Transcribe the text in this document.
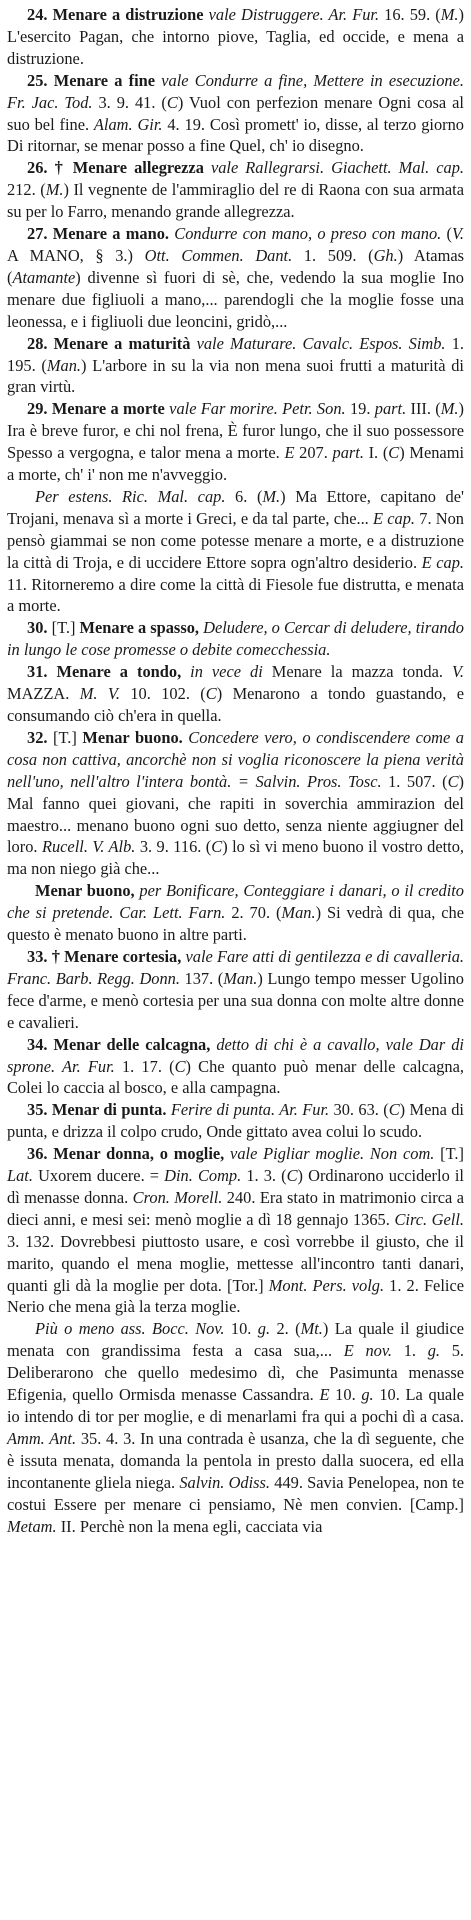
24. Menare a distruzione vale Distruggere. Ar. Fur. 16. 59. (M.) L'esercito Pagan, che intorno piove, Taglia, ed occide, e mena a distruzione.

25. Menare a fine vale Condurre a fine, Mettere in esecuzione. Fr. Jac. Tod. 3. 9. 41. (C) Vuol con perfezion menare Ogni cosa al suo bel fine. Alam. Gir. 4. 19. Così promett' io, disse, al terzo giorno Di ritornar, se menar posso a fine Quel, ch' io disegno.

26. † Menare allegrezza vale Rallegrarsi. Giachett. Mal. cap. 212. (M.) Il vegnente de l'ammiraglio del re di Raona con sua armata su per lo Farro, menando grande allegrezza.

27. Menare a mano. Condurre con mano, o preso con mano. (V. A MANO, § 3.) Ott. Commen. Dant. 1. 509. (Gh.) Atamas (Atamante) divenne sì fuori di sè, che, vedendo la sua moglie Ino menare due figliuoli a mano,... parendogli che la moglie fosse una leonessa, e i figliuoli due leoncini, gridò,...

28. Menare a maturità vale Maturare. Cavalc. Espos. Simb. 1. 195. (Man.) L'arbore in su la via non mena suoi frutti a maturità di gran virtù.

29. Menare a morte vale Far morire. Petr. Son. 19. part. III. (M.) Ira è breve furor, e chi nol frena, È furor lungo, che il suo possessore Spesso a vergogna, e talor mena a morte. E 207. part. I. (C) Menami a morte, ch' i' non me n'avveggio.

Per estens. Ric. Mal. cap. 6. (M.) Ma Ettore, capitano de' Trojani, menava sì a morte i Greci, e da tal parte, che... E cap. 7. Non pensò giammai se non come potesse menare a morte, e a distruzione la città di Troja, e di uccidere Ettore sopra ogn'altro desiderio. E cap. 11. Ritorneremo a dire come la città di Fiesole fue distrutta, e menata a morte.

30. [T.] Menare a spasso, Deludere, o Cercar di deludere, tirando in lungo le cose promesse o debite comecchessia.

31. Menare a tondo, in vece di Menare la mazza tonda. V. MAZZA. M. V. 10. 102. (C) Menarono a tondo guastando, e consumando ciò ch'era in quella.

32. [T.] Menar buono. Concedere vero, o condiscendere come a cosa non cattiva, ancorchè non si voglia riconoscere la piena verità nell'uno, nell'altro l'intera bontà. = Salvin. Pros. Tosc. 1. 507. (C) Mal fanno quei giovani, che rapiti in soverchia ammirazion del maestro... menano buono ogni suo detto, senza niente aggiugner del loro. Rucell. V. Alb. 3. 9. 116. (C) lo sì vi meno buono il vostro detto, ma non niego già che...

Menar buono, per Bonificare, Conteggiare i danari, o il credito che si pretende. Car. Lett. Farn. 2. 70. (Man.) Si vedrà di qua, che questo è menato buono in altre parti.

33. † Menare cortesia, vale Fare atti di gentilezza e di cavalleria. Franc. Barb. Regg. Donn. 137. (Man.) Lungo tempo messer Ugolino fece d'arme, e menò cortesia per una sua donna con molte altre donne e cavalieri.

34. Menar delle calcagna, detto di chi è a cavallo, vale Dar di sprone. Ar. Fur. 1. 17. (C) Che quanto può menar delle calcagna, Colei lo caccia al bosco, e alla campagna.

35. Menar di punta. Ferire di punta. Ar. Fur. 30. 63. (C) Mena di punta, e drizza il colpo crudo, Onde gittato avea colui lo scudo.

36. Menar donna, o moglie, vale Pigliar moglie. Non com. [T.] Lat. Uxorem ducere. = Din. Comp. 1. 3. (C) Ordinarono ucciderlo il dì menasse donna. Cron. Morell. 240. Era stato in matrimonio circa a dieci anni, e mesi sei: menò moglie a dì 18 gennajo 1365. Circ. Gell. 3. 132. Dovrebbesi piuttosto usare, e così vorrebbe il giusto, che il marito, quando el mena moglie, mettesse all'incontro tanti danari, quanti gli dà la moglie per dota. [Tor.] Mont. Pers. volg. 1. 2. Felice Nerio che mena già la terza moglie.

Più o meno ass. Bocc. Nov. 10. g. 2. (Mt.) La quale il giudice menata con grandissima festa a casa sua,... E nov. 1. g. 5. Deliberarono che quello medesimo dì, che Pasimunta menasse Efigenia, quello Ormisda menasse Cassandra. E 10. g. 10. La quale io intendo di tor per moglie, e di menarlami fra qui a pochi dì a casa. Amm. Ant. 35. 4. 3. In una contrada è usanza, che la dì seguente, che è issuta menata, domanda la pentola in presto dalla suocera, ed ella incontanente gliela niega. Salvin. Odiss. 449. Savia Penelopea, non te costui Essere per menare ci pensiamo, Nè men convien. [Camp.] Metam. II. Perchè non la mena egli, cacciata via
